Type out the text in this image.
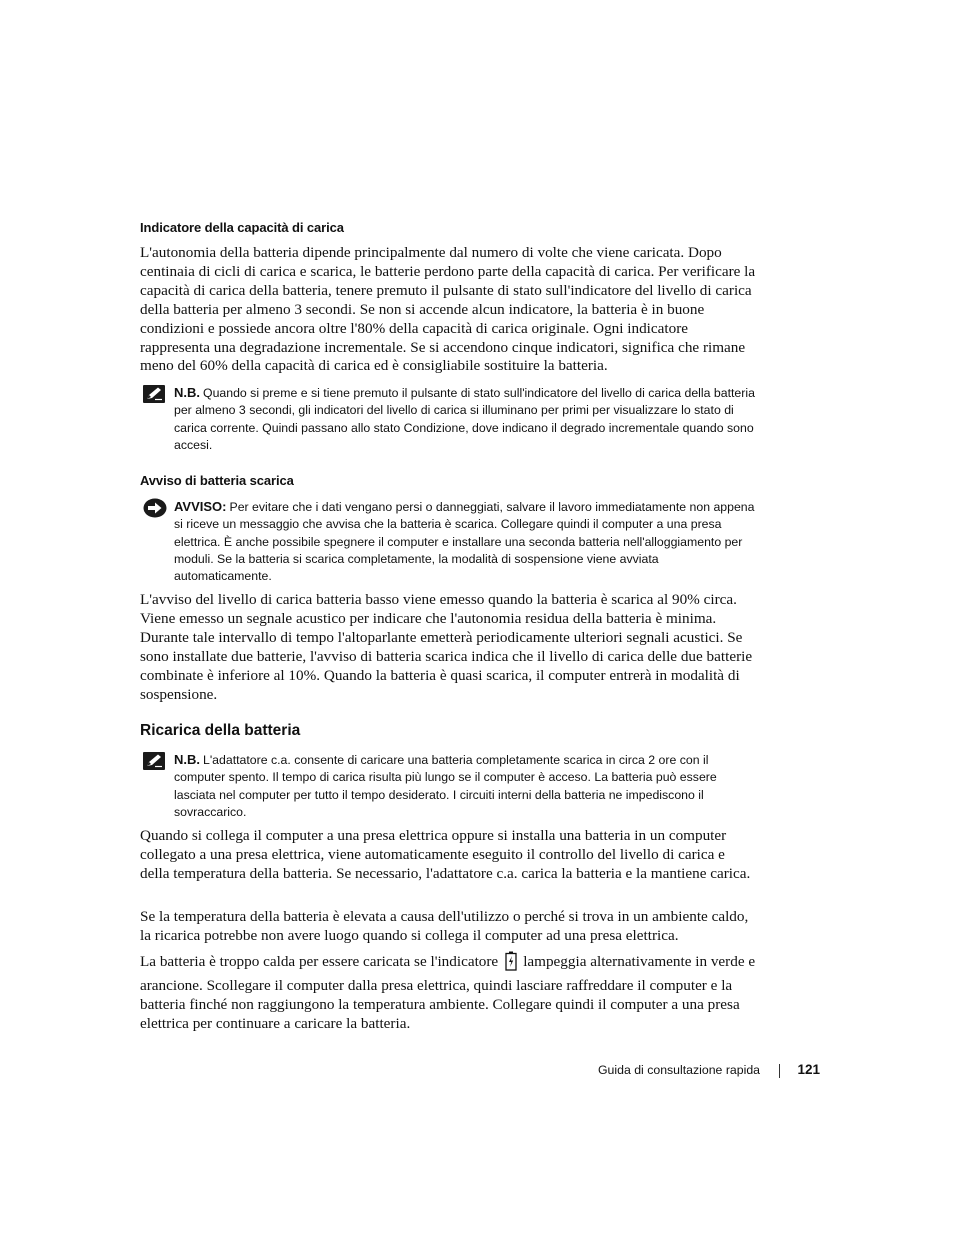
Indicatore della capacità di carica

L'autonomia della batteria dipende principalmente dal numero di volte che viene caricata. Dopo centinaia di cicli di carica e scarica, le batterie perdono parte della capacità di carica. Per verificare la capacità di carica della batteria, tenere premuto il pulsante di stato sull'indicatore del livello di carica della batteria per almeno 3 secondi. Se non si accende alcun indicatore, la batteria è in buone condizioni e possiede ancora oltre l'80% della capacità di carica originale. Ogni indicatore rappresenta una degradazione incrementale. Se si accendono cinque indicatori, significa che rimane meno del 60% della capacità di carica ed è consigliabile sostituire la batteria.

N.B. Quando si preme e si tiene premuto il pulsante di stato sull'indicatore del livello di carica della batteria per almeno 3 secondi, gli indicatori del livello di carica si illuminano per primi per visualizzare lo stato di carica corrente. Quindi passano allo stato Condizione, dove indicano il degrado incrementale quando sono accesi.
Avviso di batteria scarica
AVVISO: Per evitare che i dati vengano persi o danneggiati, salvare il lavoro immediatamente non appena si riceve un messaggio che avvisa che la batteria è scarica. Collegare quindi il computer a una presa elettrica. È anche possibile spegnere il computer e installare una seconda batteria nell'alloggiamento per moduli. Se la batteria si scarica completamente, la modalità di sospensione viene avviata automaticamente.

L'avviso del livello di carica batteria basso viene emesso quando la batteria è scarica al 90% circa. Viene emesso un segnale acustico per indicare che l'autonomia residua della batteria è minima. Durante tale intervallo di tempo l'altoparlante emetterà periodicamente ulteriori segnali acustici. Se sono installate due batterie, l'avviso di batteria scarica indica che il livello di carica delle due batterie combinate è inferiore al 10%. Quando la batteria è quasi scarica, il computer entrerà in modalità di sospensione.

Ricarica della batteria
N.B. L'adattatore c.a. consente di caricare una batteria completamente scarica in circa 2 ore con il computer spento. Il tempo di carica risulta più lungo se il computer è acceso. La batteria può essere lasciata nel computer per tutto il tempo desiderato. I circuiti interni della batteria ne impediscono il sovraccarico.

Quando si collega il computer a una presa elettrica oppure si installa una batteria in un computer collegato a una presa elettrica, viene automaticamente eseguito il controllo del livello di carica e della temperatura della batteria. Se necessario, l'adattatore c.a. carica la batteria e la mantiene carica.

Se la temperatura della batteria è elevata a causa dell'utilizzo o perché si trova in un ambiente caldo, la ricarica potrebbe non avere luogo quando si collega il computer ad una presa elettrica.

La batteria è troppo calda per essere caricata se l'indicatore lampeggia alternativamente in verde e arancione. Scollegare il computer dalla presa elettrica, quindi lasciare raffreddare il computer e la batteria finché non raggiungono la temperatura ambiente. Collegare quindi il computer a una presa elettrica per continuare a caricare la batteria.

Guida di consultazione rapida	121
